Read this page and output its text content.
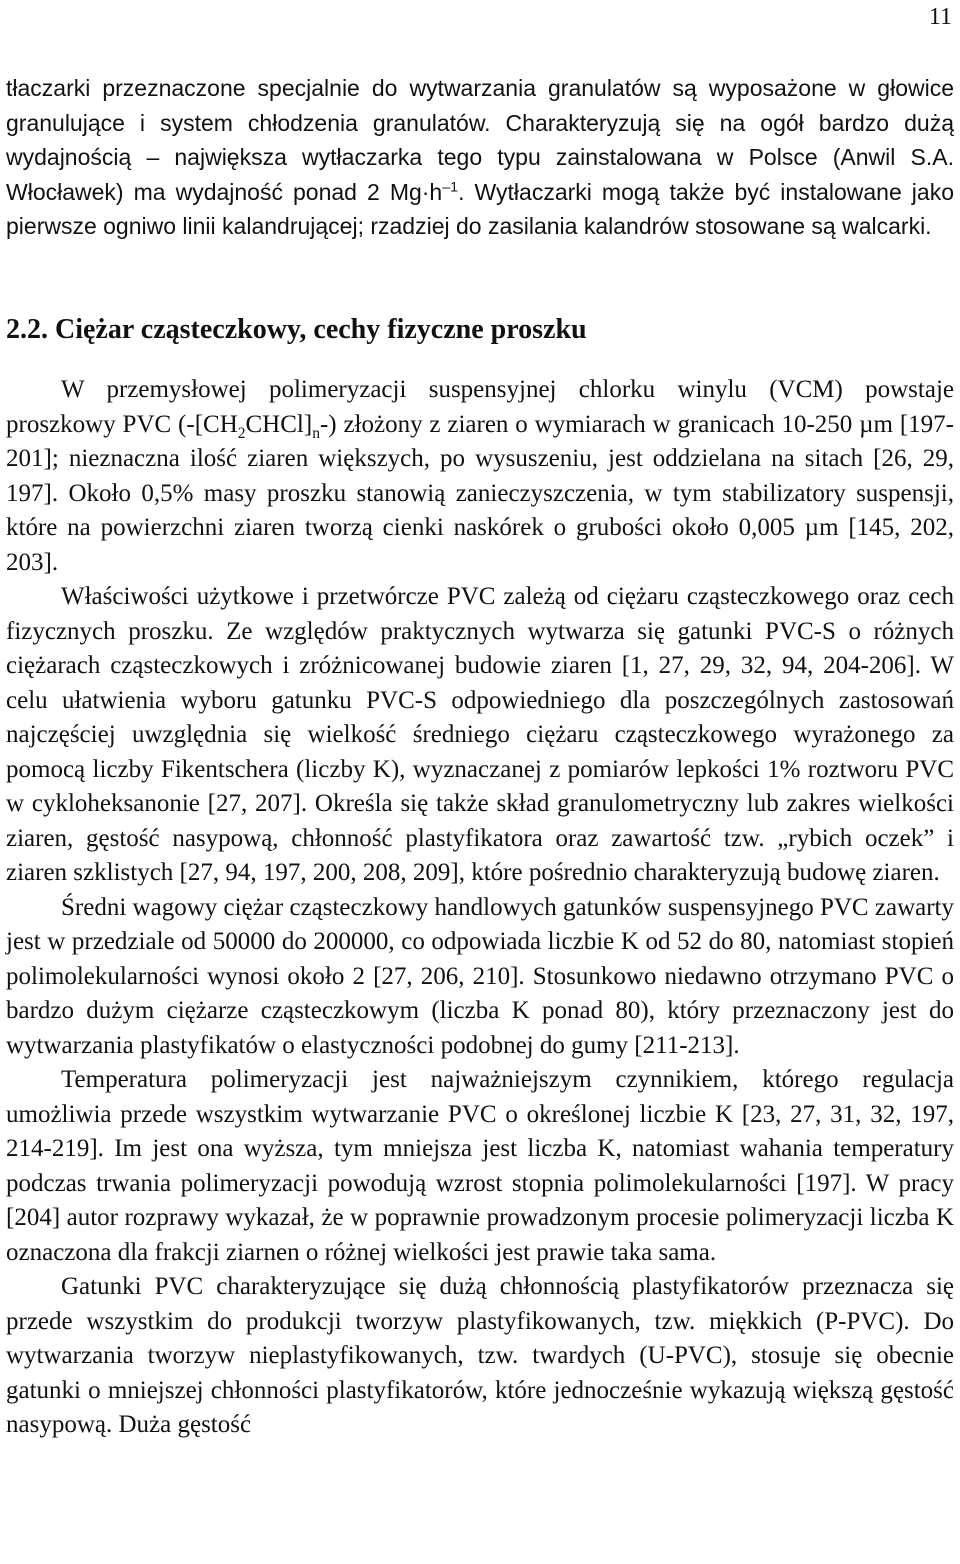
11

tłaczarki przeznaczone specjalnie do wytwarzania granulatów są wyposażone w głowice granulujące i system chłodzenia granulatów. Charakteryzują się na ogół bardzo dużą wydajnością – największa wytłaczarka tego typu zainstalowana w Polsce (Anwil S.A. Włocławek) ma wydajność ponad 2 $Mg\cdot h^{-1}$. Wytłaczarki mogą także być instalowane jako pierwsze ogniwo linii kalandrującej; rzadziej do zasilania kalandrów stosowane są walcarki.

2.2. Ciężar cząsteczkowy, cechy fizyczne proszku

W przemysłowej polimeryzacji suspensyjnej chlorku winylu (VCM) powstaje proszkowy PVC $(-[CH_2CHCl]_n-)$ złożony z ziaren o wymiarach w granicach 10-250 µm [197-201]; nieznaczna ilość ziaren większych, po wysuszeniu, jest oddzielana na sitach [26, 29, 197]. Około 0,5% masy proszku stanowią zanieczyszczenia, w tym stabilizatory suspensji, które na powierzchni ziaren tworzą cienki naskórek o grubości około 0,005 µm [145, 202, 203].

Właściwości użytkowe i przetwórcze PVC zależą od ciężaru cząsteczkowego oraz cech fizycznych proszku. Ze względów praktycznych wytwarza się gatunki PVC-S o różnych ciężarach cząsteczkowych i zróżnicowanej budowie ziaren [1, 27, 29, 32, 94, 204-206]. W celu ułatwienia wyboru gatunku PVC-S odpowiedniego dla poszczególnych zastosowań najczęściej uwzględnia się wielkość średniego ciężaru cząsteczkowego wyrażonego za pomocą liczby Fikentschera (liczby K), wyznaczanej z pomiarów lepkości 1% roztworu PVC w cykloheksanonie [27, 207]. Określa się także skład granulometryczny lub zakres wielkości ziaren, gęstość nasypową, chłonność plastyfikatora oraz zawartość tzw. „rybich oczek” i ziaren szklistych [27, 94, 197, 200, 208, 209], które pośrednio charakteryzują budowę ziaren.

Średni wagowy ciężar cząsteczkowy handlowych gatunków suspensyjnego PVC zawarty jest w przedziale od 50000 do 200000, co odpowiada liczbie K od 52 do 80, natomiast stopień polimolekularności wynosi około 2 [27, 206, 210]. Stosunkowo niedawno otrzymano PVC o bardzo dużym ciężarze cząsteczkowym (liczba K ponad 80), który przeznaczony jest do wytwarzania plastyfikatów o elastyczności podobnej do gumy [211-213].

Temperatura polimeryzacji jest najważniejszym czynnikiem, którego regulacja umożliwia przede wszystkim wytwarzanie PVC o określonej liczbie K [23, 27, 31, 32, 197, 214-219]. Im jest ona wyższa, tym mniejsza jest liczba K, natomiast wahania temperatury podczas trwania polimeryzacji powodują wzrost stopnia polimolekularności [197]. W pracy [204] autor rozprawy wykazał, że w poprawnie prowadzonym procesie polimeryzacji liczba K oznaczona dla frakcji ziarnen o różnej wielkości jest prawie taka sama.

Gatunki PVC charakteryzujące się dużą chłonnością plastyfikatorów przeznacza się przede wszystkim do produkcji tworzyw plastyfikowanych, tzw. miękkich (P-PVC). Do wytwarzania tworzyw nieplastyfikowanych, tzw. twardych (U-PVC), stosuje się obecnie gatunki o mniejszej chłonności plastyfikatorów, które jednocześnie wykazują większą gęstość nasypową. Duża gęstość
